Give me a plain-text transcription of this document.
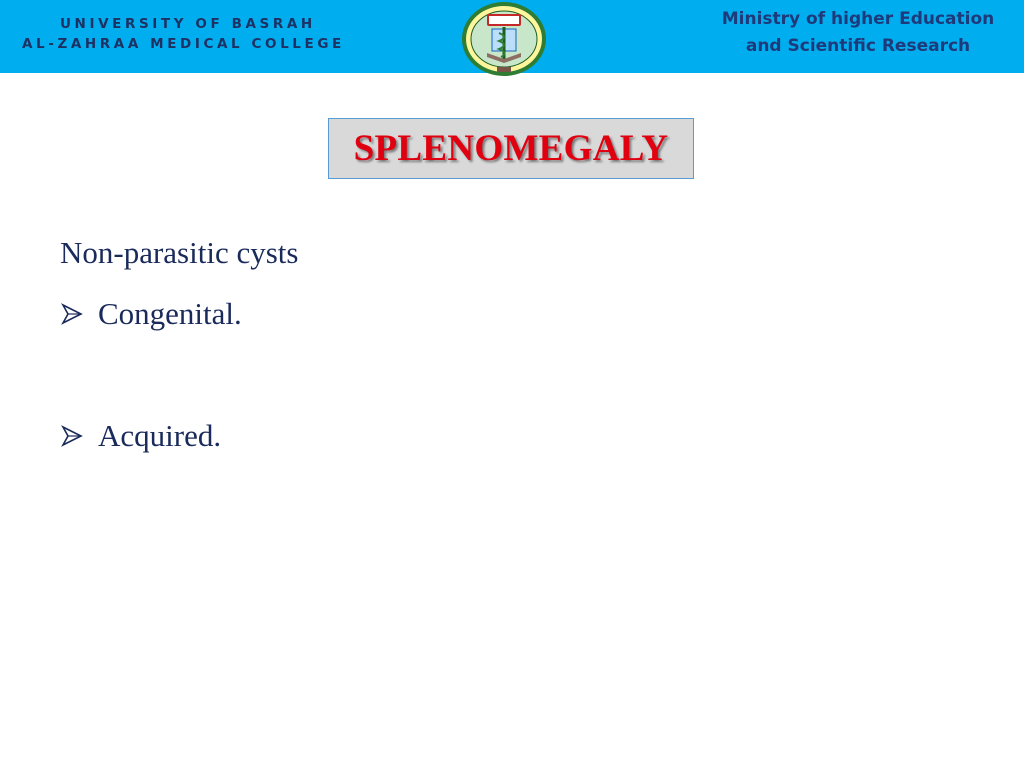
UNIVERSITY OF BASRAH
AL-ZAHRAA MEDICAL COLLEGE
Ministry of higher Education
and Scientific Research
SPLENOMEGALY
Non-parasitic cysts
Congenital.
Acquired.
